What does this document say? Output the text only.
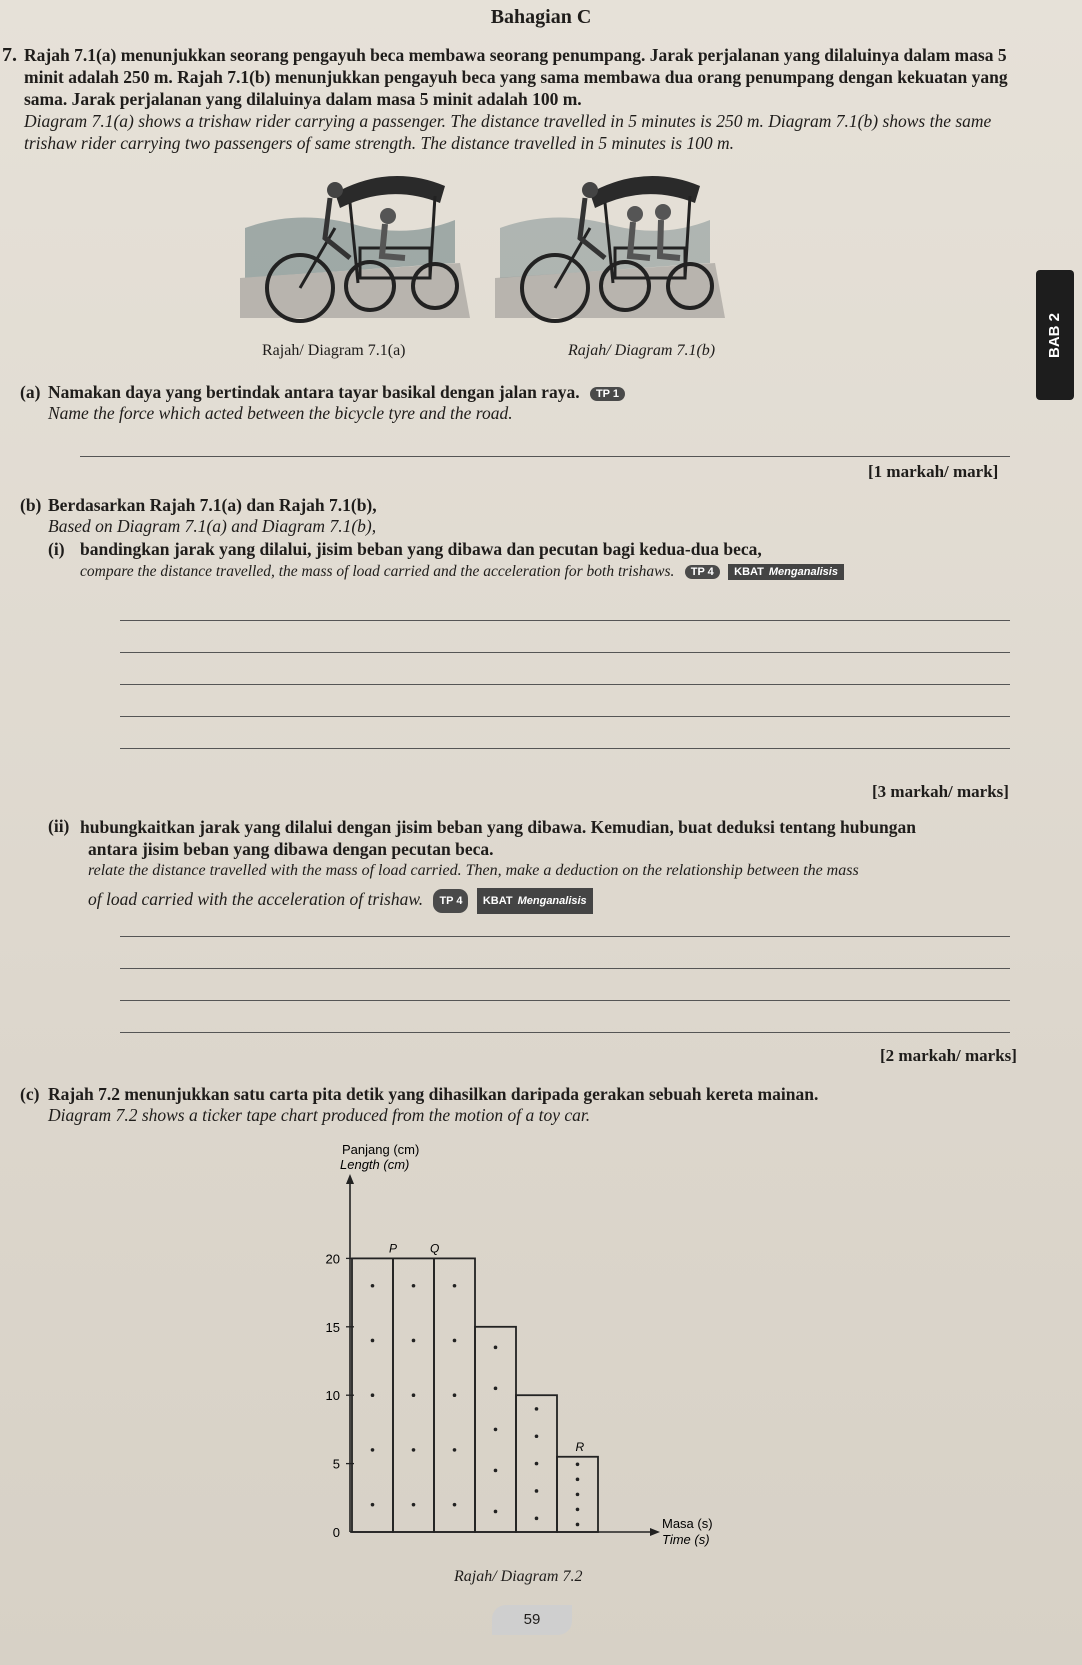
Bahagian C
7. Rajah 7.1(a) menunjukkan seorang pengayuh beca membawa seorang penumpang. Jarak perjalanan yang dilaluinya dalam masa 5 minit adalah 250 m. Rajah 7.1(b) menunjukkan pengayuh beca yang sama membawa dua orang penumpang dengan kekuatan yang sama. Jarak perjalanan yang dilaluinya dalam masa 5 minit adalah 100 m.
Diagram 7.1(a) shows a trishaw rider carrying a passenger. The distance travelled in 5 minutes is 250 m. Diagram 7.1(b) shows the same trishaw rider carrying two passengers of same strength. The distance travelled in 5 minutes is 100 m.
Rajah/ Diagram 7.1(a)	Rajah/ Diagram 7.1(b)	BAB 2
(a) Namakan daya yang bertindak antara tayar basikal dengan jalan raya. TP 1
Name the force which acted between the bicycle tyre and the road.
[1 markah/ mark]
(b) Berdasarkan Rajah 7.1(a) dan Rajah 7.1(b),
Based on Diagram 7.1(a) and Diagram 7.1(b),
(i) bandingkan jarak yang dilalui, jisim beban yang dibawa dan pecutan bagi kedua-dua beca,
compare the distance travelled, the mass of load carried and the acceleration for both trishaws. TP 4 KBAT Menganalisis
[3 markah/ marks]
(ii) hubungkaitkan jarak yang dilalui dengan jisim beban yang dibawa. Kemudian, buat deduksi tentang hubungan
antara jisim beban yang dibawa dengan pecutan beca.
relate the distance travelled with the mass of load carried. Then, make a deduction on the relationship between the mass
of load carried with the acceleration of trishaw. TP 4 KBAT Menganalisis
[2 markah/ marks]
(c) Rajah 7.2 menunjukkan satu carta pita detik yang dihasilkan daripada gerakan sebuah kereta mainan.
Diagram 7.2 shows a ticker tape chart produced from the motion of a toy car.
Panjang (cm)
Length (cm)
Masa (s)
Time (s)
0
5
10
15
20
P	Q
R
Rajah/ Diagram 7.2
59
